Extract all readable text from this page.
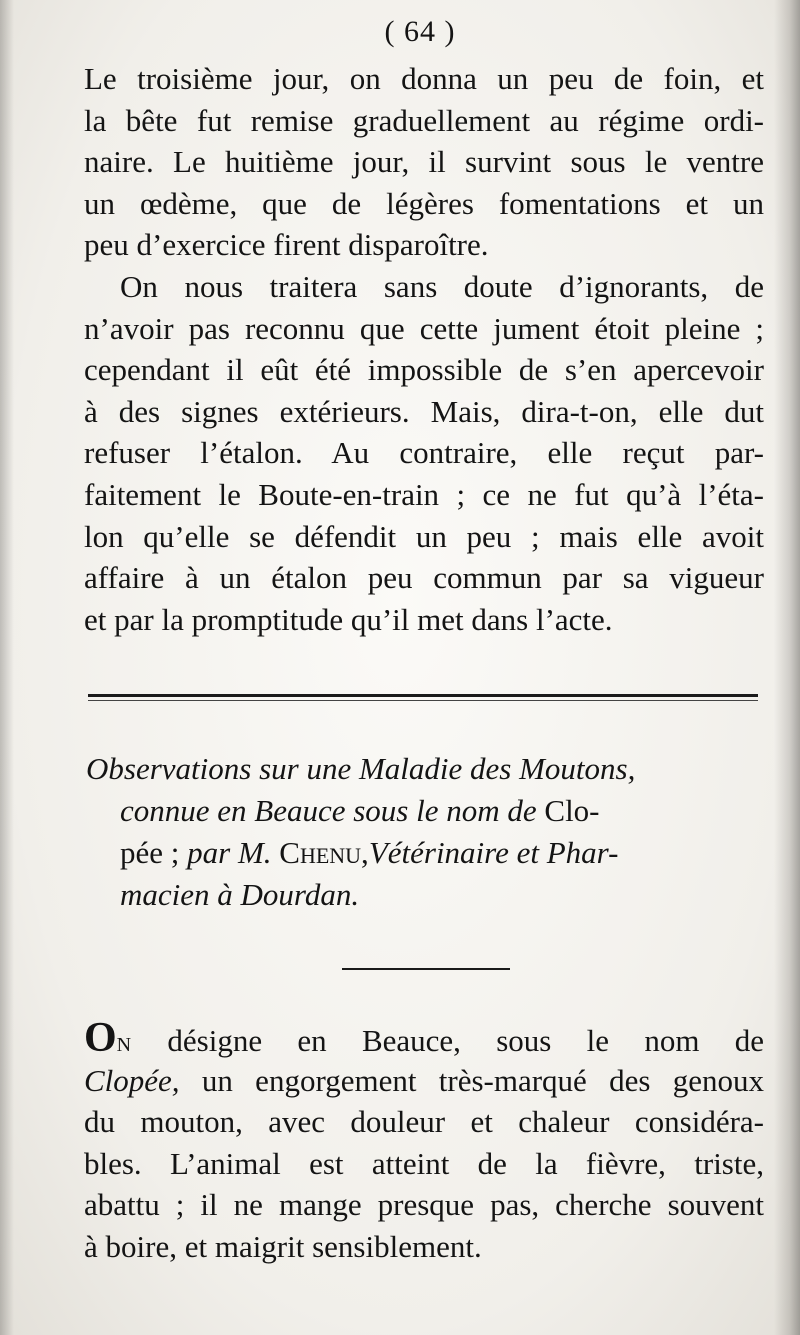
( 64 )
Le troisième jour, on donna un peu de foin, et
la bête fut remise graduellement au régime ordi-
naire. Le huitième jour, il survint sous le ventre
un œdème, que de légères fomentations et un
peu d’exercice firent disparoître.
On nous traitera sans doute d’ignorants, de
n’avoir pas reconnu que cette jument étoit pleine ;
cependant il eût été impossible de s’en apercevoir
à des signes extérieurs. Mais, dira-t-on, elle dut
refuser l’étalon. Au contraire, elle reçut par-
faitement le Boute-en-train ; ce ne fut qu’à l’éta-
lon qu’elle se défendit un peu ; mais elle avoit
affaire à un étalon peu commun par sa vigueur
et par la promptitude qu’il met dans l’acte.
Observations sur une Maladie des Moutons,
connue en Beauce sous le nom de Clo-
pée ; par M. Chenu,Vétérinaire et Phar-
macien à Dourdan.
ON désigne en Beauce, sous le nom de
Clopée, un engorgement très-marqué des genoux
du mouton, avec douleur et chaleur considéra-
bles. L’animal est atteint de la fièvre, triste,
abattu ; il ne mange presque pas, cherche souvent
à boire, et maigrit sensiblement.
